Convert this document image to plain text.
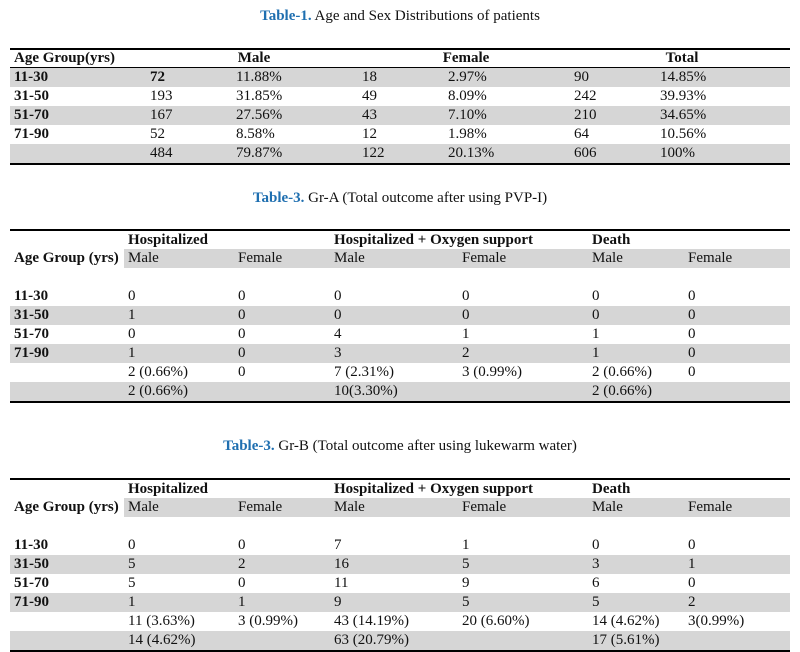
Table-1. Age and Sex Distributions of patients
Age Group(yrs)	Male		Female		Total	
11-30	72	11.88%	18	2.97%	90	14.85%
31-50	193	31.85%	49	8.09%	242	39.93%
51-70	167	27.56%	43	7.10%	210	34.65%
71-90	52	8.58%	12	1.98%	64	10.56%
	484	79.87%	122	20.13%	606	100%
Table-3. Gr-A (Total outcome after using PVP-I)
Age Group (yrs)	Hospitalized		Hospitalized + Oxygen support		Death	
	Male	Female	Male	Female	Male	Female

11-30	0	0	0	0	0	0
31-50	1	0	0	0	0	0
51-70	0	0	4	1	1	0
71-90	1	0	3	2	1	0
	2 (0.66%)	0	7 (2.31%)	3 (0.99%)	2 (0.66%)	0
	2 (0.66%)		10(3.30%)		2 (0.66%)	
Table-3. Gr-B (Total outcome after using lukewarm water)
Age Group (yrs)	Hospitalized		Hospitalized + Oxygen support		Death	
	Male	Female	Male	Female	Male	Female

11-30	0	0	7	1	0	0
31-50	5	2	16	5	3	1
51-70	5	0	11	9	6	0
71-90	1	1	9	5	5	2
	11 (3.63%)	3 (0.99%)	43 (14.19%)	20 (6.60%)	14 (4.62%)	3(0.99%)
	14 (4.62%)		63 (20.79%)		17 (5.61%)	
